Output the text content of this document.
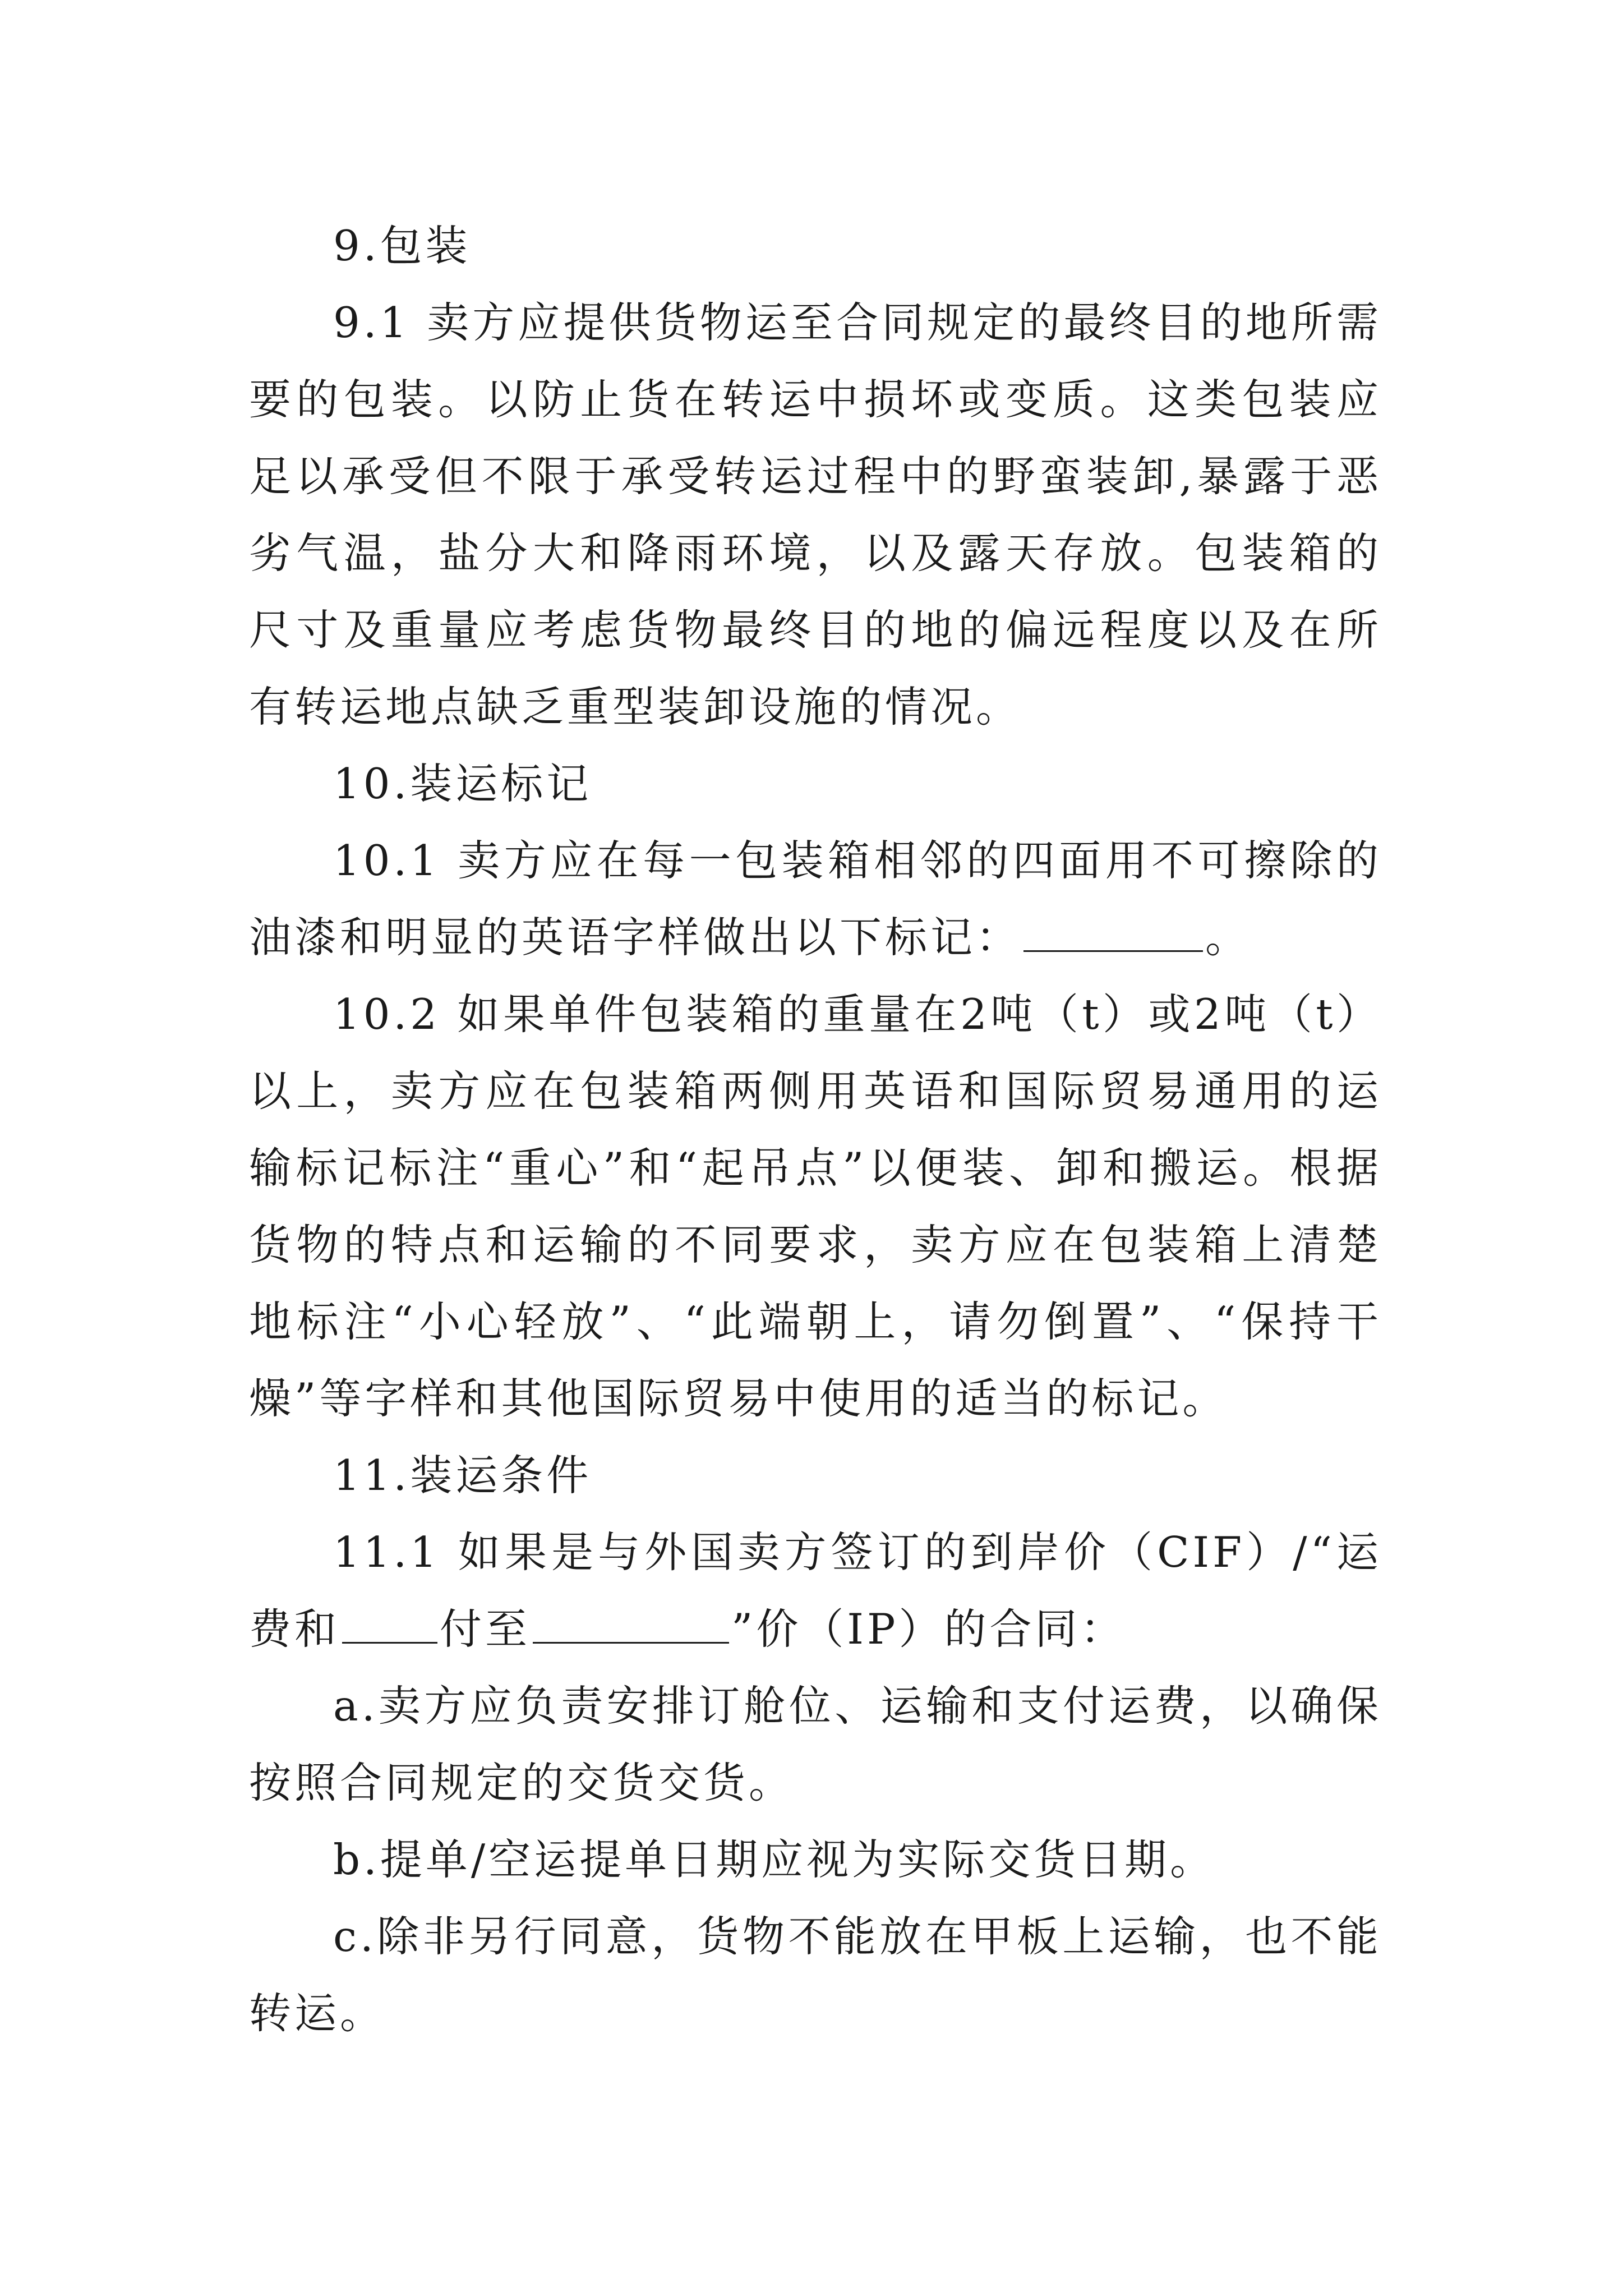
9.包装

9.1 卖方应提供货物运至合同规定的最终目的地所需要的包装。以防止货在转运中损坏或变质。这类包装应足以承受但不限于承受转运过程中的野蛮装卸,暴露于恶劣气温，盐分大和降雨环境，以及露天存放。包装箱的尺寸及重量应考虑货物最终目的地的偏远程度以及在所有转运地点缺乏重型装卸设施的情况。

10.装运标记

10.1 卖方应在每一包装箱相邻的四面用不可擦除的油漆和明显的英语字样做出以下标记：	。

10.2 如果单件包装箱的重量在2吨（t）或2吨（t）以上，卖方应在包装箱两侧用英语和国际贸易通用的运输标记标注“重心”和“起吊点”以便装、卸和搬运。根据货物的特点和运输的不同要求，卖方应在包装箱上清楚地标注“小心轻放”、“此端朝上，请勿倒置”、“保持干燥”等字样和其他国际贸易中使用的适当的标记。

11.装运条件

11.1 如果是与外国卖方签订的到岸价（CIF）/“运费和 付至	”价（IP）的合同：

a.卖方应负责安排订舱位、运输和支付运费，以确保按照合同规定的交货交货。

b.提单/空运提单日期应视为实际交货日期。

c.除非另行同意，货物不能放在甲板上运输，也不能转运。
